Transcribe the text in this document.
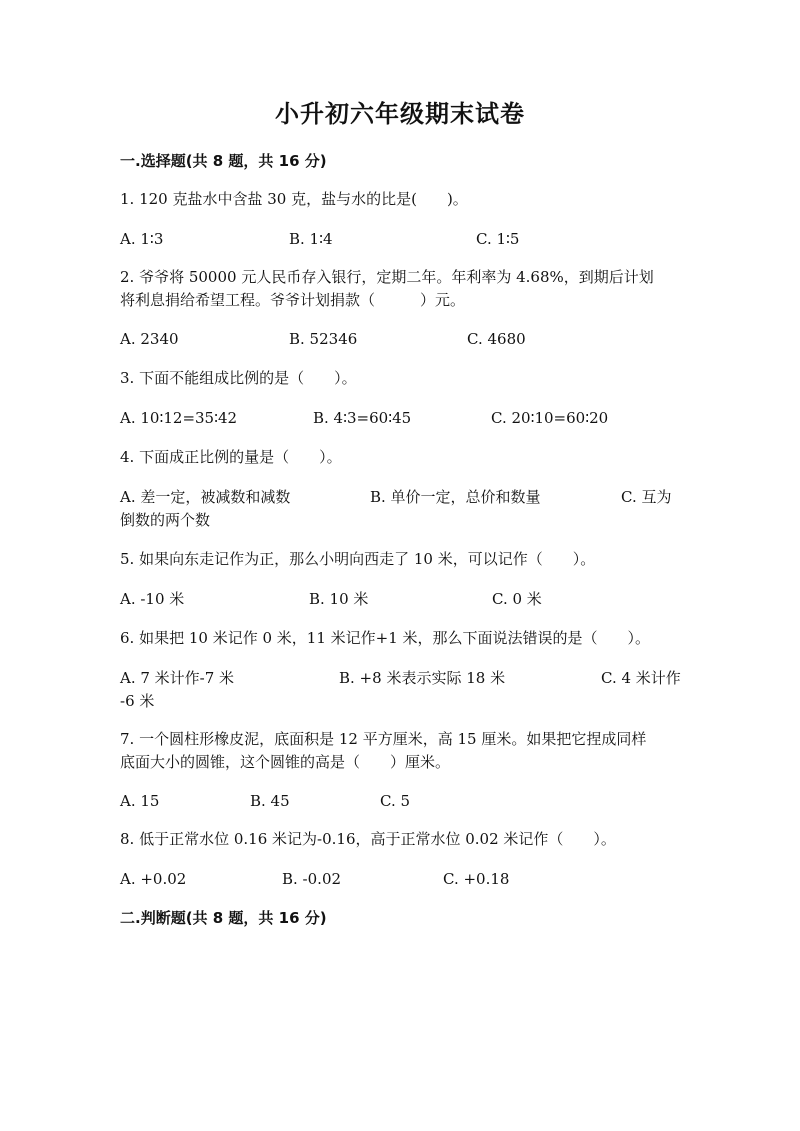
小升初六年级期末试卷
一.选择题(共 8 题，共 16 分)
1. 120 克盐水中含盐 30 克，盐与水的比是(　　)。
A. 1∶3	B. 1∶4	C. 1∶5
2. 爷爷将 50000 元人民币存入银行，定期二年。年利率为 4.68%，到期后计划
将利息捐给希望工程。爷爷计划捐款（　　　）元。
A. 2340	B. 52346	C. 4680
3. 下面不能组成比例的是（　　）。
A. 10∶12=35∶42	B. 4∶3=60∶45	C. 20∶10=60∶20
4. 下面成正比例的量是（　　）。
A. 差一定，被减数和减数	B. 单价一定，总价和数量	C. 互为
倒数的两个数
5. 如果向东走记作为正，那么小明向西走了 10 米，可以记作（　　）。
A. -10 米	B. 10 米	C. 0 米
6. 如果把 10 米记作 0 米，11 米记作+1 米，那么下面说法错误的是（　　）。
A. 7 米计作-7 米	B. +8 米表示实际 18 米	C. 4 米计作
-6 米
7. 一个圆柱形橡皮泥，底面积是 12 平方厘米，高 15 厘米。如果把它捏成同样
底面大小的圆锥，这个圆锥的高是（　　）厘米。
A. 15	B. 45	C. 5
8. 低于正常水位 0.16 米记为-0.16，高于正常水位 0.02 米记作（　　）。
A. +0.02	B. -0.02	C. +0.18
二.判断题(共 8 题，共 16 分)
